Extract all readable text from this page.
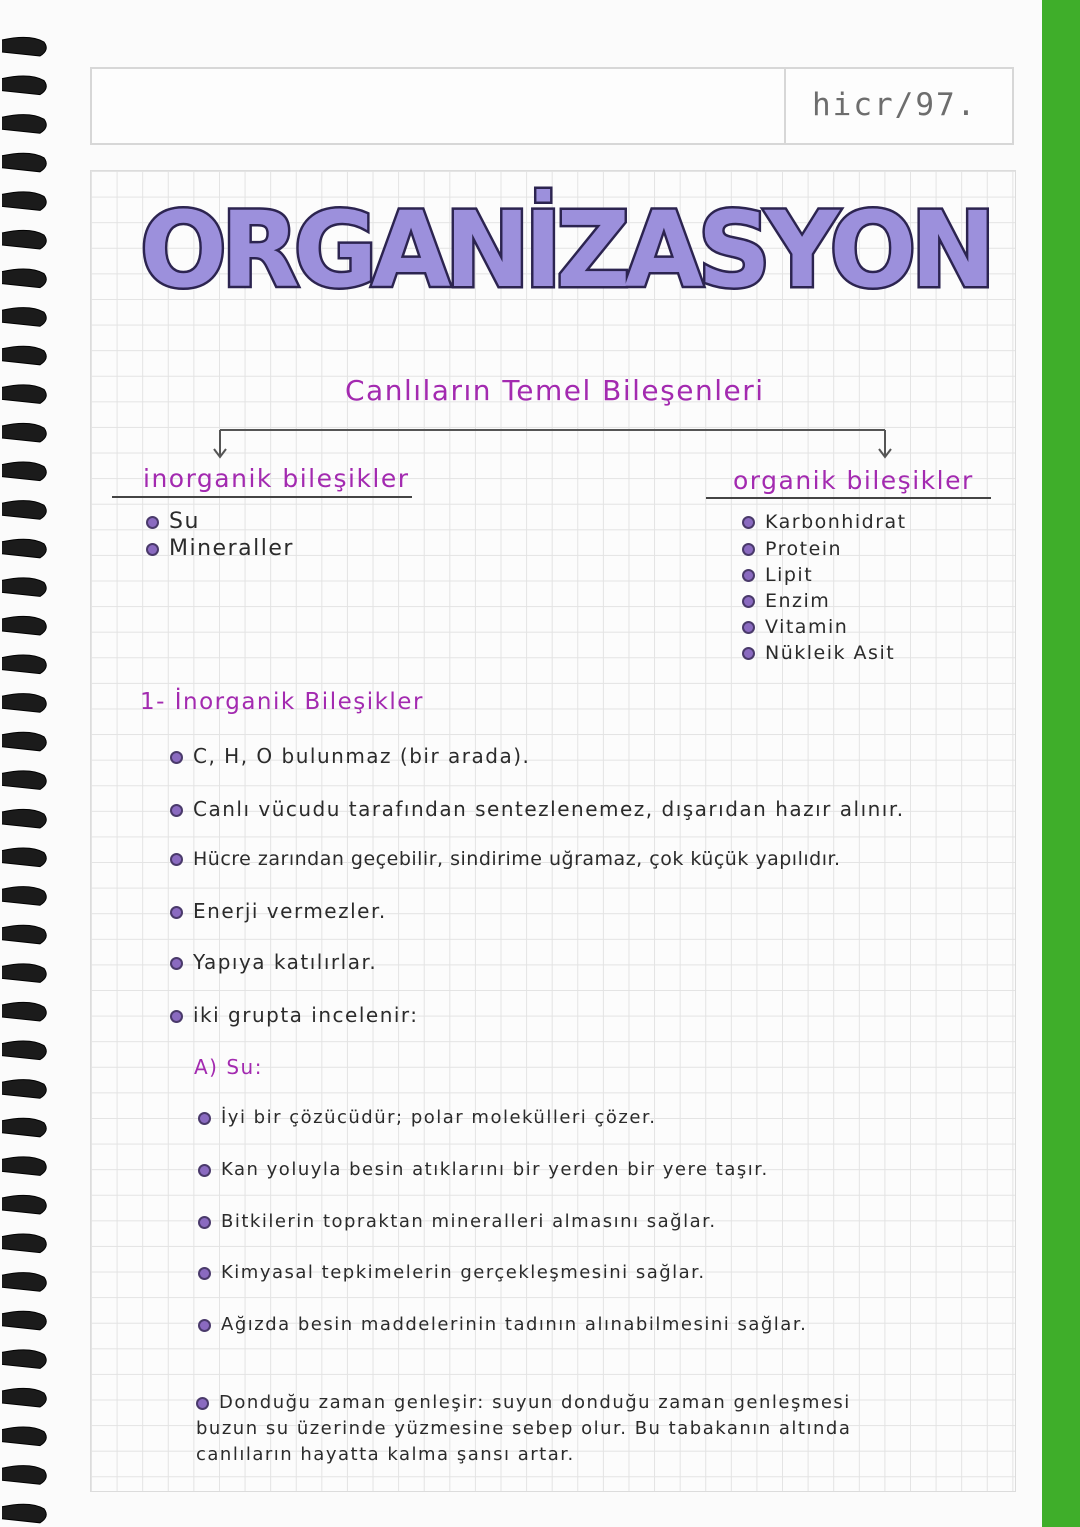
hicr/97.
ORGANİZASYON
Canlıların Temel Bileşenleri
inorganik bileşikler	organik bileşikler
Su
Mineraller
Karbonhidrat
Protein
Lipit
Enzim
Vitamin
Nükleik Asit
1- İnorganik Bileşikler
C, H, O bulunmaz (bir arada).
Canlı vücudu tarafından sentezlenemez, dışarıdan hazır alınır.
Hücre zarından geçebilir, sindirime uğramaz, çok küçük yapılıdır.
Enerji vermezler.
Yapıya katılırlar.
iki grupta incelenir:
A) Su:
İyi bir çözücüdür; polar molekülleri çözer.
Kan yoluyla besin atıklarını bir yerden bir yere taşır.
Bitkilerin topraktan mineralleri almasını sağlar.
Kimyasal tepkimelerin gerçekleşmesini sağlar.
Ağızda besin maddelerinin tadının alınabilmesini sağlar.
Donduğu zaman genleşir: suyun donduğu zaman genleşmesi
buzun su üzerinde yüzmesine sebep olur. Bu tabakanın altında
canlıların hayatta kalma şansı artar.
